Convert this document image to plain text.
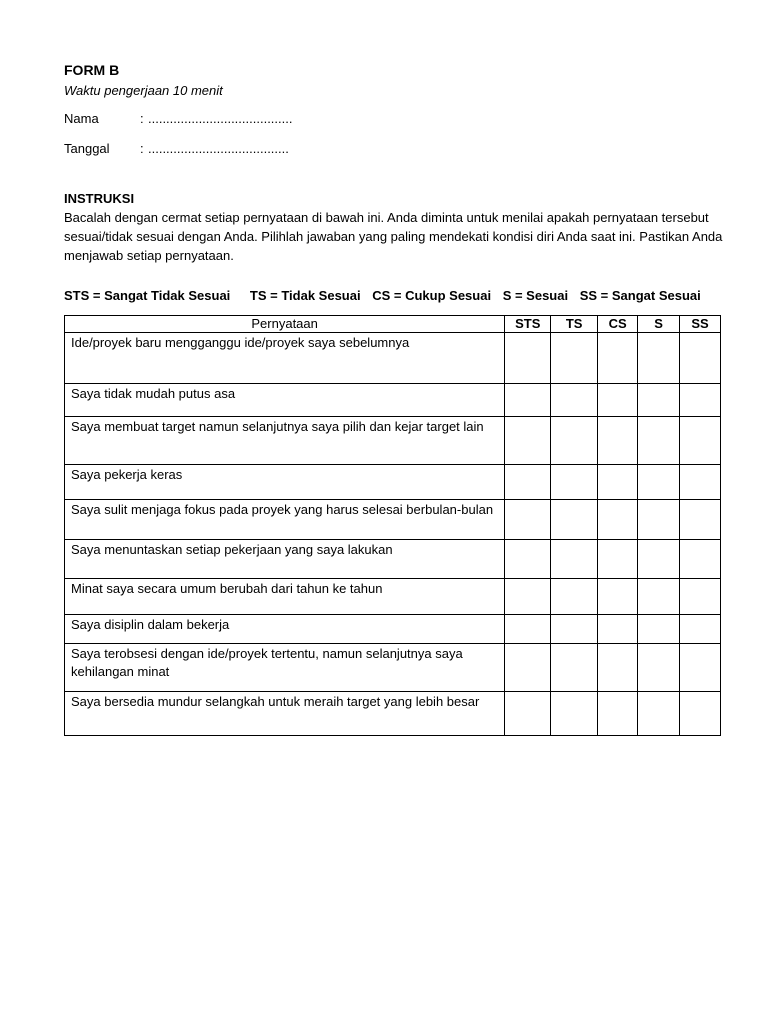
FORM B
Waktu pengerjaan 10 menit
Nama	: ........................................
Tanggal	: .......................................
INSTRUKSI

Bacalah dengan cermat setiap pernyataan di bawah ini. Anda diminta untuk menilai apakah pernyataan tersebut sesuai/tidak sesuai dengan Anda. Pilihlah jawaban yang paling mendekati kondisi diri Anda saat ini. Pastikan Anda menjawab setiap pernyataan.

STS = Sangat Tidak Sesuai TS = Tidak Sesuai CS = Cukup Sesuai S = Sesuai SS = Sangat Sesuai
Pernyataan	STS	TS	CS	S	SS
Ide/proyek baru mengganggu ide/proyek saya sebelumnya					
Saya tidak mudah putus asa					
Saya membuat target namun selanjutnya saya pilih dan kejar target lain					
Saya pekerja keras					
Saya sulit menjaga fokus pada proyek yang harus selesai berbulan-bulan					
Saya menuntaskan setiap pekerjaan yang saya lakukan					
Minat saya secara umum berubah dari tahun ke tahun					
Saya disiplin dalam bekerja					
Saya terobsesi dengan ide/proyek tertentu, namun selanjutnya saya kehilangan minat					
Saya bersedia mundur selangkah untuk meraih target yang lebih besar					
